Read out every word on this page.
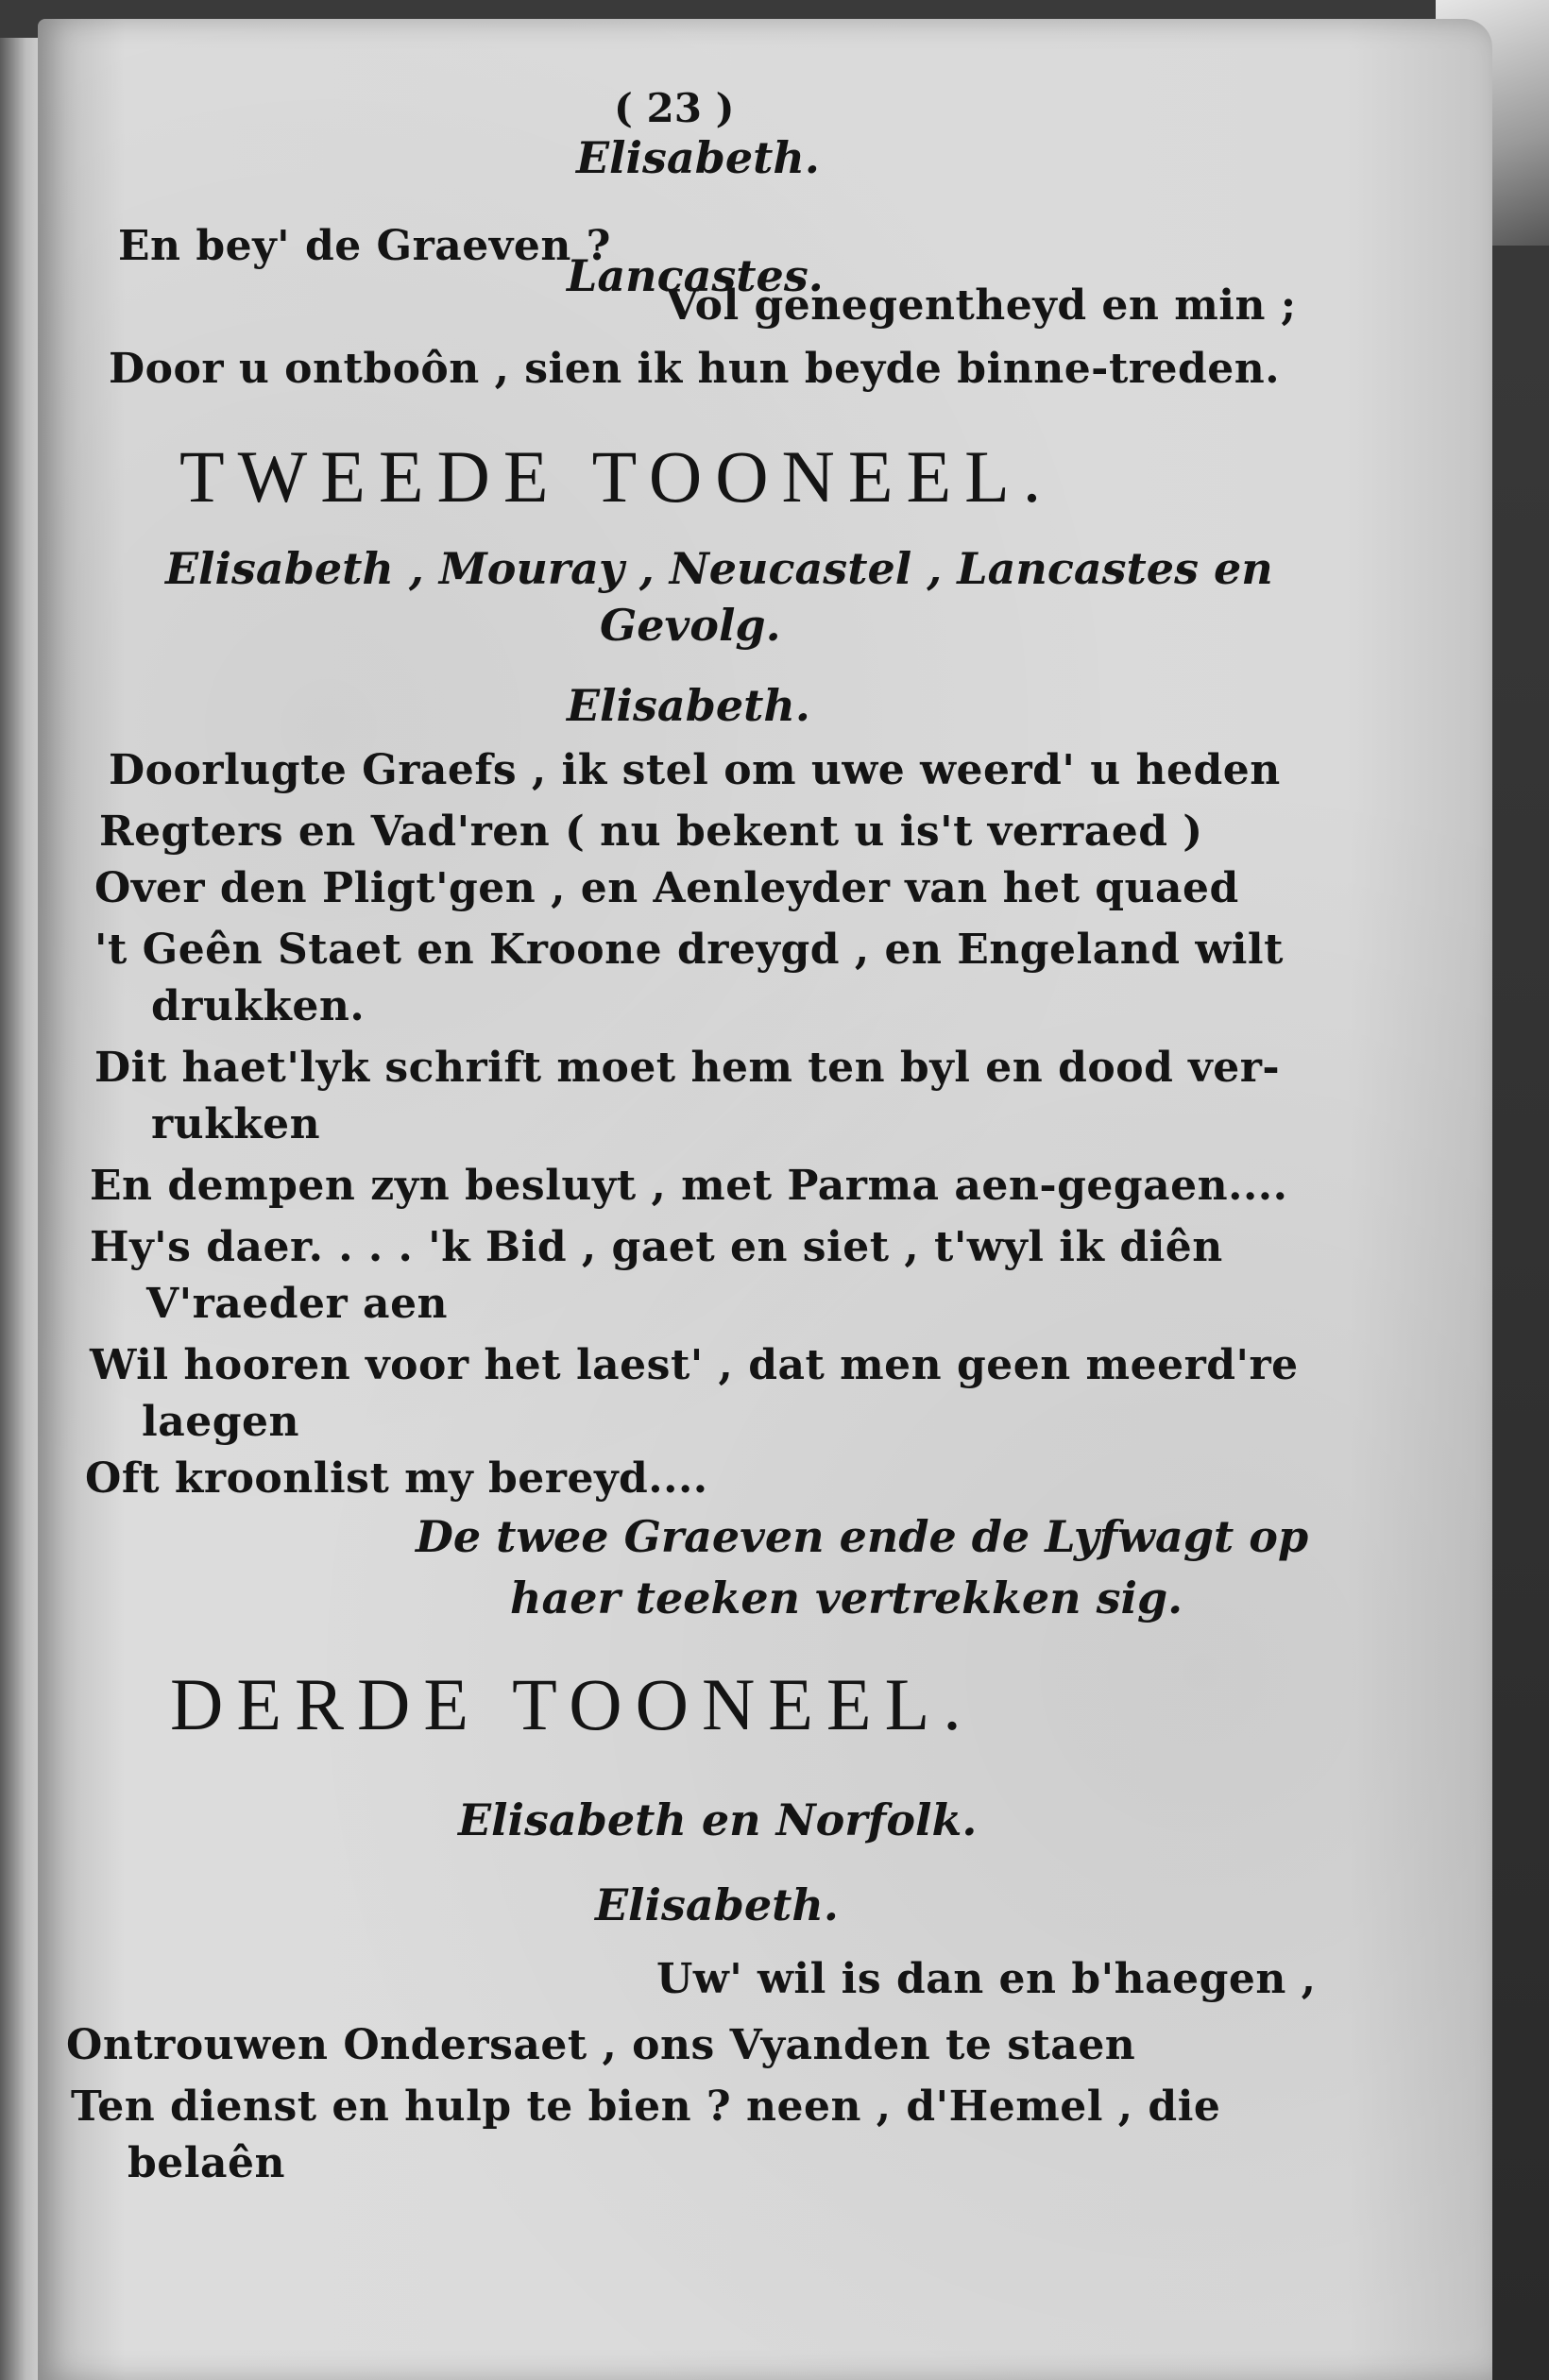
( 23 )
Elisabeth.
En bey' de Graeven ?
Lancastes.
Vol genegentheyd en min ;
Door u ontboôn , sien ik hun beyde binne-treden.
TWEEDE TOONEEL.
Elisabeth , Mouray , Neucastel , Lancastes en
Gevolg.
Elisabeth.
Doorlugte Graefs , ik stel om uwe weerd' u heden
Regters en Vad'ren ( nu bekent u is't verraed )
Over den Pligt'gen , en Aenleyder van het quaed
't Geên Staet en Kroone dreygd , en Engeland wilt
drukken.
Dit haet'lyk schrift moet hem ten byl en dood ver-
rukken
En dempen zyn besluyt , met Parma aen-gegaen....
Hy's daer. . . . 'k Bid , gaet en siet , t'wyl ik diên
V'raeder aen
Wil hooren voor het laest' , dat men geen meerd're
laegen
Oft kroonlist my bereyd....
De twee Graeven ende de Lyfwagt op
haer teeken vertrekken sig.
DERDE TOONEEL.
Elisabeth en Norfolk.
Elisabeth.
Uw' wil is dan en b'haegen ,
Ontrouwen Ondersaet , ons Vyanden te staen
Ten dienst en hulp te bien ? neen , d'Hemel , die
belaên
